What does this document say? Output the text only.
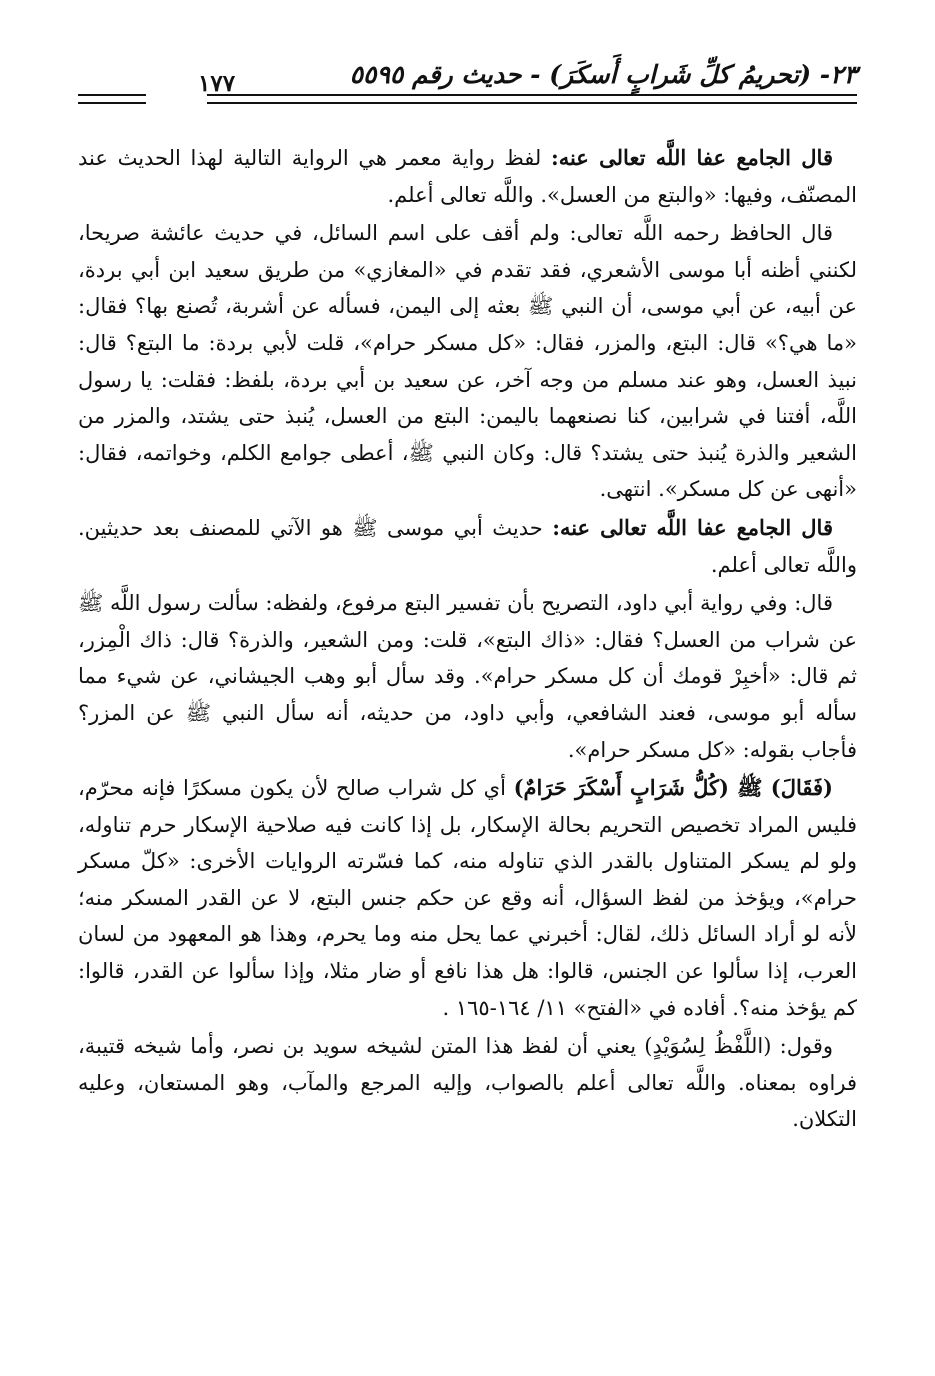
٢٣- (تحريمُ كلِّ شَرابٍ أَسكَرَ) - حديث رقم ٥٥٩٥
١٧٧

قال الجامع عفا اللَّه تعالى عنه: لفظ رواية معمر هي الرواية التالية لهذا الحديث عند المصنّف، وفيها: «والبتع من العسل». واللَّه تعالى أعلم.

قال الحافظ رحمه اللَّه تعالى: ولم أقف على اسم السائل، في حديث عائشة صريحا، لكنني أظنه أبا موسى الأشعري، فقد تقدم في «المغازي» من طريق سعيد ابن أبي بردة، عن أبيه، عن أبي موسى، أن النبي ﷺ بعثه إلى اليمن، فسأله عن أشربة، تُصنع بها؟ فقال: «ما هي؟» قال: البتع، والمزر، فقال: «كل مسكر حرام»، قلت لأبي بردة: ما البتع؟ قال: نبيذ العسل، وهو عند مسلم من وجه آخر، عن سعيد بن أبي بردة، بلفظ: فقلت: يا رسول اللَّه، أفتنا في شرابين، كنا نصنعهما باليمن: البتع من العسل، يُنبذ حتى يشتد، والمزر من الشعير والذرة يُنبذ حتى يشتد؟ قال: وكان النبي ﷺ، أعطى جوامع الكلم، وخواتمه، فقال: «أنهى عن كل مسكر». انتهى.

قال الجامع عفا اللَّه تعالى عنه: حديث أبي موسى ﷺ هو الآتي للمصنف بعد حديثين. واللَّه تعالى أعلم.

قال: وفي رواية أبي داود، التصريح بأن تفسير البتع مرفوع، ولفظه: سألت رسول اللَّه ﷺ عن شراب من العسل؟ فقال: «ذاك البتع»، قلت: ومن الشعير، والذرة؟ قال: ذاك الْمِزر، ثم قال: «أخبِرْ قومك أن كل مسكر حرام». وقد سأل أبو وهب الجيشاني، عن شيء مما سأله أبو موسى، فعند الشافعي، وأبي داود، من حديثه، أنه سأل النبي ﷺ عن المزر؟ فأجاب بقوله: «كل مسكر حرام».

(فَقَالَ) ﷺ (كُلُّ شَرَابٍ أَسْكَرَ حَرَامٌ) أي كل شراب صالح لأن يكون مسكرًا فإنه محرّم، فليس المراد تخصيص التحريم بحالة الإسكار، بل إذا كانت فيه صلاحية الإسكار حرم تناوله، ولو لم يسكر المتناول بالقدر الذي تناوله منه، كما فسّرته الروايات الأخرى: «كلّ مسكر حرام»، ويؤخذ من لفظ السؤال، أنه وقع عن حكم جنس البتع، لا عن القدر المسكر منه؛ لأنه لو أراد السائل ذلك، لقال: أخبرني عما يحل منه وما يحرم، وهذا هو المعهود من لسان العرب، إذا سألوا عن الجنس، قالوا: هل هذا نافع أو ضار مثلا، وإذا سألوا عن القدر، قالوا: كم يؤخذ منه؟. أفاده في «الفتح» ١١/ ١٦٤-١٦٥ .

وقول: (اللَّفْظُ لِسُوَيْدٍ) يعني أن لفظ هذا المتن لشيخه سويد بن نصر، وأما شيخه قتيبة، فراوه بمعناه. واللَّه تعالى أعلم بالصواب، وإليه المرجع والمآب، وهو المستعان، وعليه التكلان.
